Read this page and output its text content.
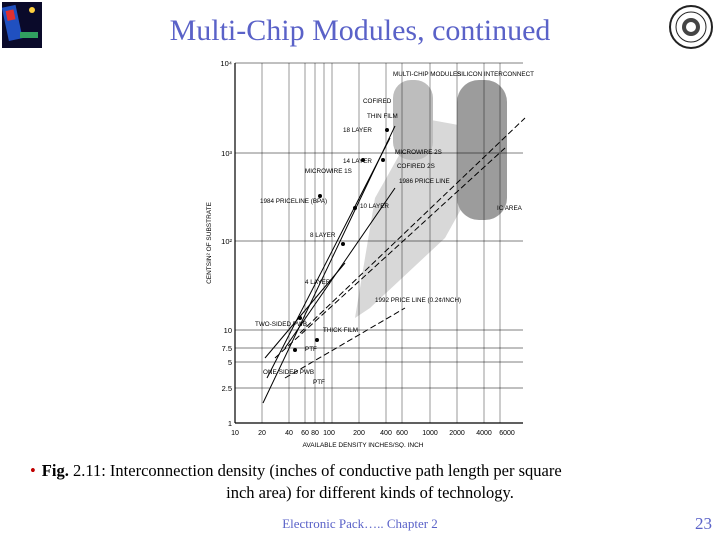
Multi-Chip Modules, continued
10⁴
10³
10²
10
7.5
5
2.5
1
10	20	40 60 80 100	200 400 600 1000 2000 4000 6000
AVAILABLE DENSITY INCHES/SQ. INCH
CENTSIN² OF SUBSTRATE
MULTI-CHIP MODULES
SILICON INTERCONNECT
COFIRED
THIN FILM
18 LAYER
MICROWIRE 2S
14 LAYER
COFIRED 2S
MICROWIRE 1S
1986 PRICE LINE
1984 PRICELINE (BPA)
10 LAYER	IC AREA
8 LAYER
4 LAYER
1992 PRICE LINE (0.2¢/INCH)
TWO-SIDED PWB
THICK FILM
PTF
ONE-SIDED PWB
PTF
• Fig. 2.11: Interconnection density (inches of conductive path length per square
inch area) for different kinds of technology.
Electronic Pack….. Chapter 2	23
